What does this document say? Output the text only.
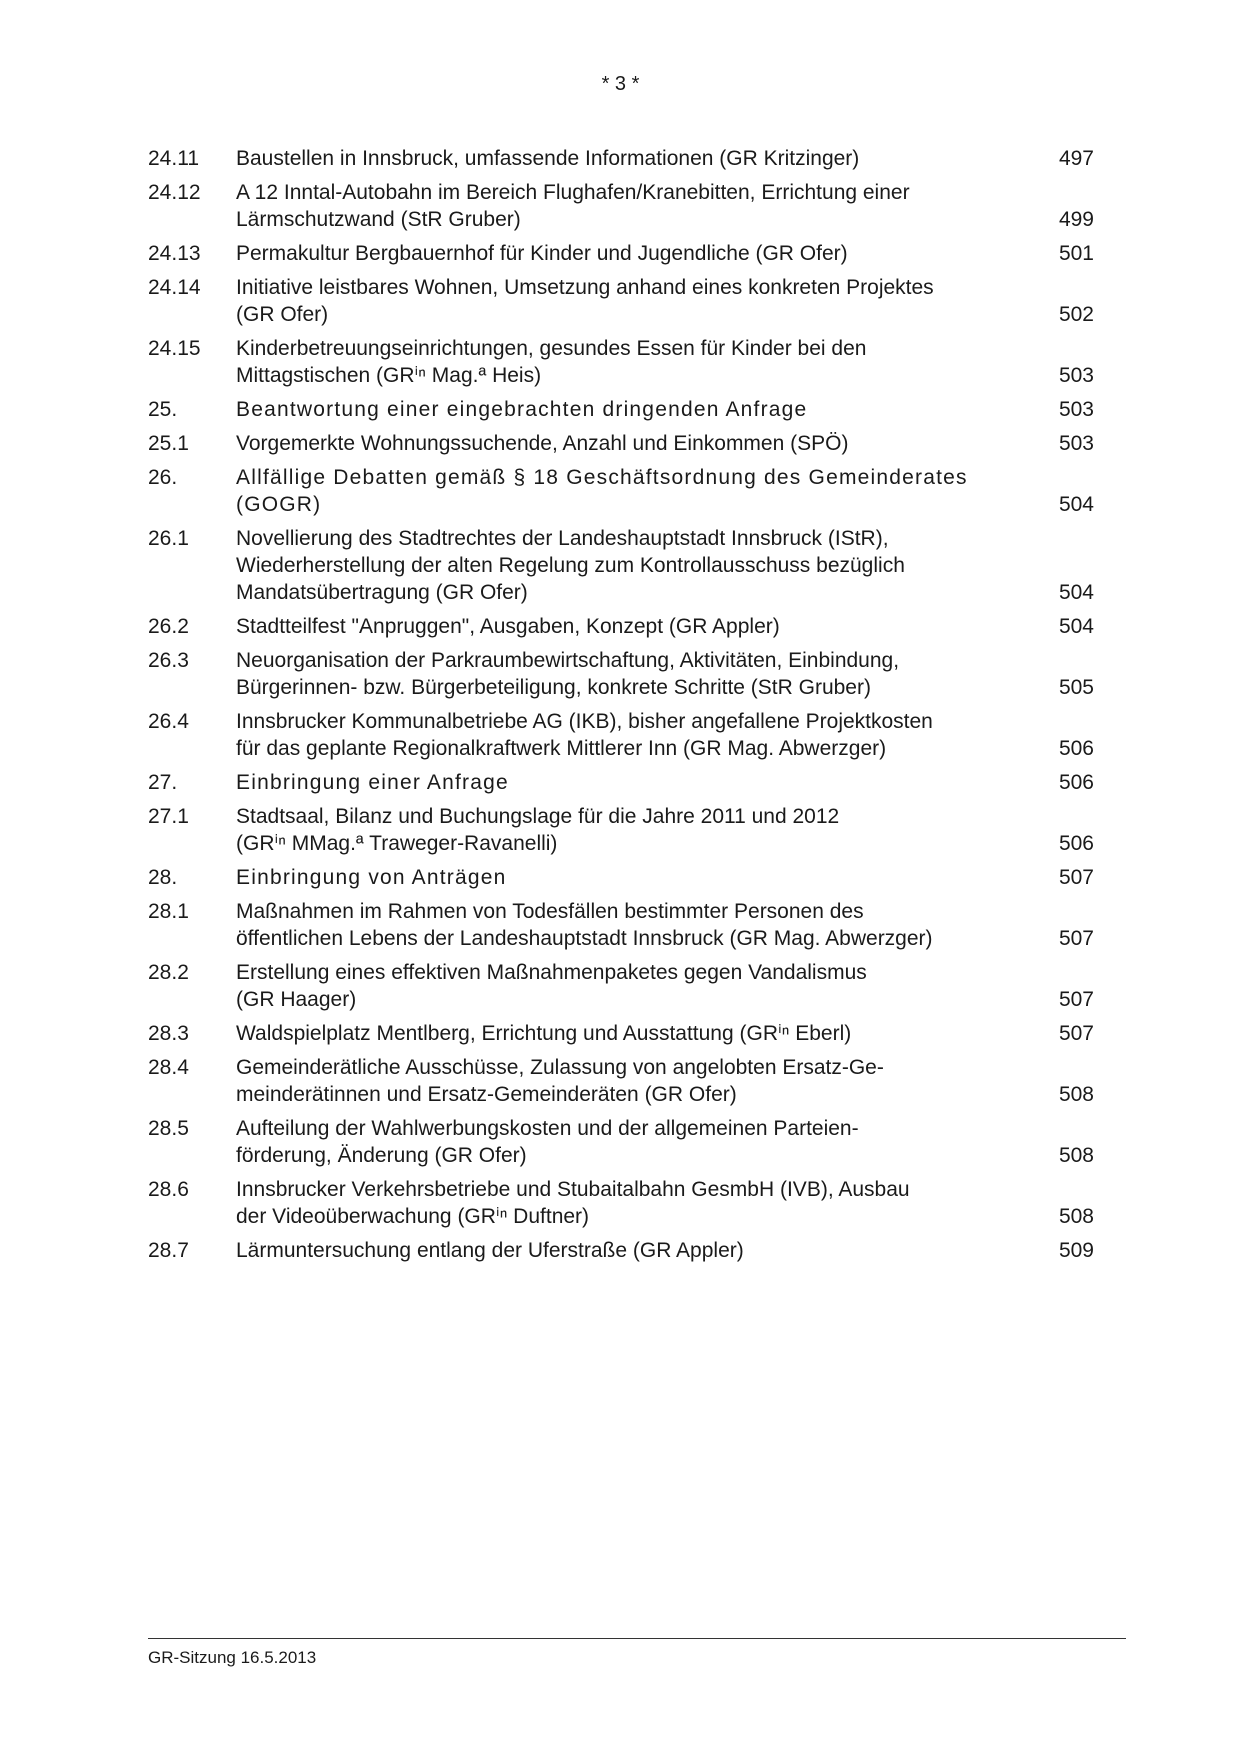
* 3 *
24.11 Baustellen in Innsbruck, umfassende Informationen (GR Kritzinger)	497
24.12 A 12 Inntal-Autobahn im Bereich Flughafen/Kranebitten, Errichtung einer
Lärmschutzwand (StR Gruber)	499
24.13 Permakultur Bergbauernhof für Kinder und Jugendliche (GR Ofer)	501
24.14 Initiative leistbares Wohnen, Umsetzung anhand eines konkreten Projektes
(GR Ofer)	502
24.15 Kinderbetreuungseinrichtungen, gesundes Essen für Kinder bei den
Mittagstischen (GRⁱⁿ Mag.ª Heis)	503
25.	Beantwortung einer eingebrachten dringenden Anfrage	503
25.1 Vorgemerkte Wohnungssuchende, Anzahl und Einkommen (SPÖ)	503
26.	Allfällige Debatten gemäß § 18 Geschäftsordnung des Gemeinderates
(GOGR)	504
26.1 Novellierung des Stadtrechtes der Landeshauptstadt Innsbruck (IStR),
Wiederherstellung der alten Regelung zum Kontrollausschuss bezüglich
Mandatsübertragung (GR Ofer)	504
26.2 Stadtteilfest "Anpruggen", Ausgaben, Konzept (GR Appler)	504
26.3 Neuorganisation der Parkraumbewirtschaftung, Aktivitäten, Einbindung,
Bürgerinnen- bzw. Bürgerbeteiligung, konkrete Schritte (StR Gruber)	505
26.4 Innsbrucker Kommunalbetriebe AG (IKB), bisher angefallene Projektkosten
für das geplante Regionalkraftwerk Mittlerer Inn (GR Mag. Abwerzger)	506
27.	Einbringung einer Anfrage	506
27.1 Stadtsaal, Bilanz und Buchungslage für die Jahre 2011 und 2012
(GRⁱⁿ MMag.ª Traweger-Ravanelli)	506
28.	Einbringung von Anträgen	507
28.1 Maßnahmen im Rahmen von Todesfällen bestimmter Personen des
öffentlichen Lebens der Landeshauptstadt Innsbruck (GR Mag. Abwerzger)	507
28.2 Erstellung eines effektiven Maßnahmenpaketes gegen Vandalismus
(GR Haager)	507
28.3 Waldspielplatz Mentlberg, Errichtung und Ausstattung (GRⁱⁿ Eberl)	507
28.4 Gemeinderätliche Ausschüsse, Zulassung von angelobten Ersatz-Ge-
meinderätinnen und Ersatz-Gemeinderäten (GR Ofer)	508
28.5 Aufteilung der Wahlwerbungskosten und der allgemeinen Parteien-
förderung, Änderung (GR Ofer)	508
28.6 Innsbrucker Verkehrsbetriebe und Stubaitalbahn GesmbH (IVB), Ausbau
der Videoüberwachung (GRⁱⁿ Duftner)	508
28.7 Lärmuntersuchung entlang der Uferstraße (GR Appler)	509
GR-Sitzung 16.5.2013
